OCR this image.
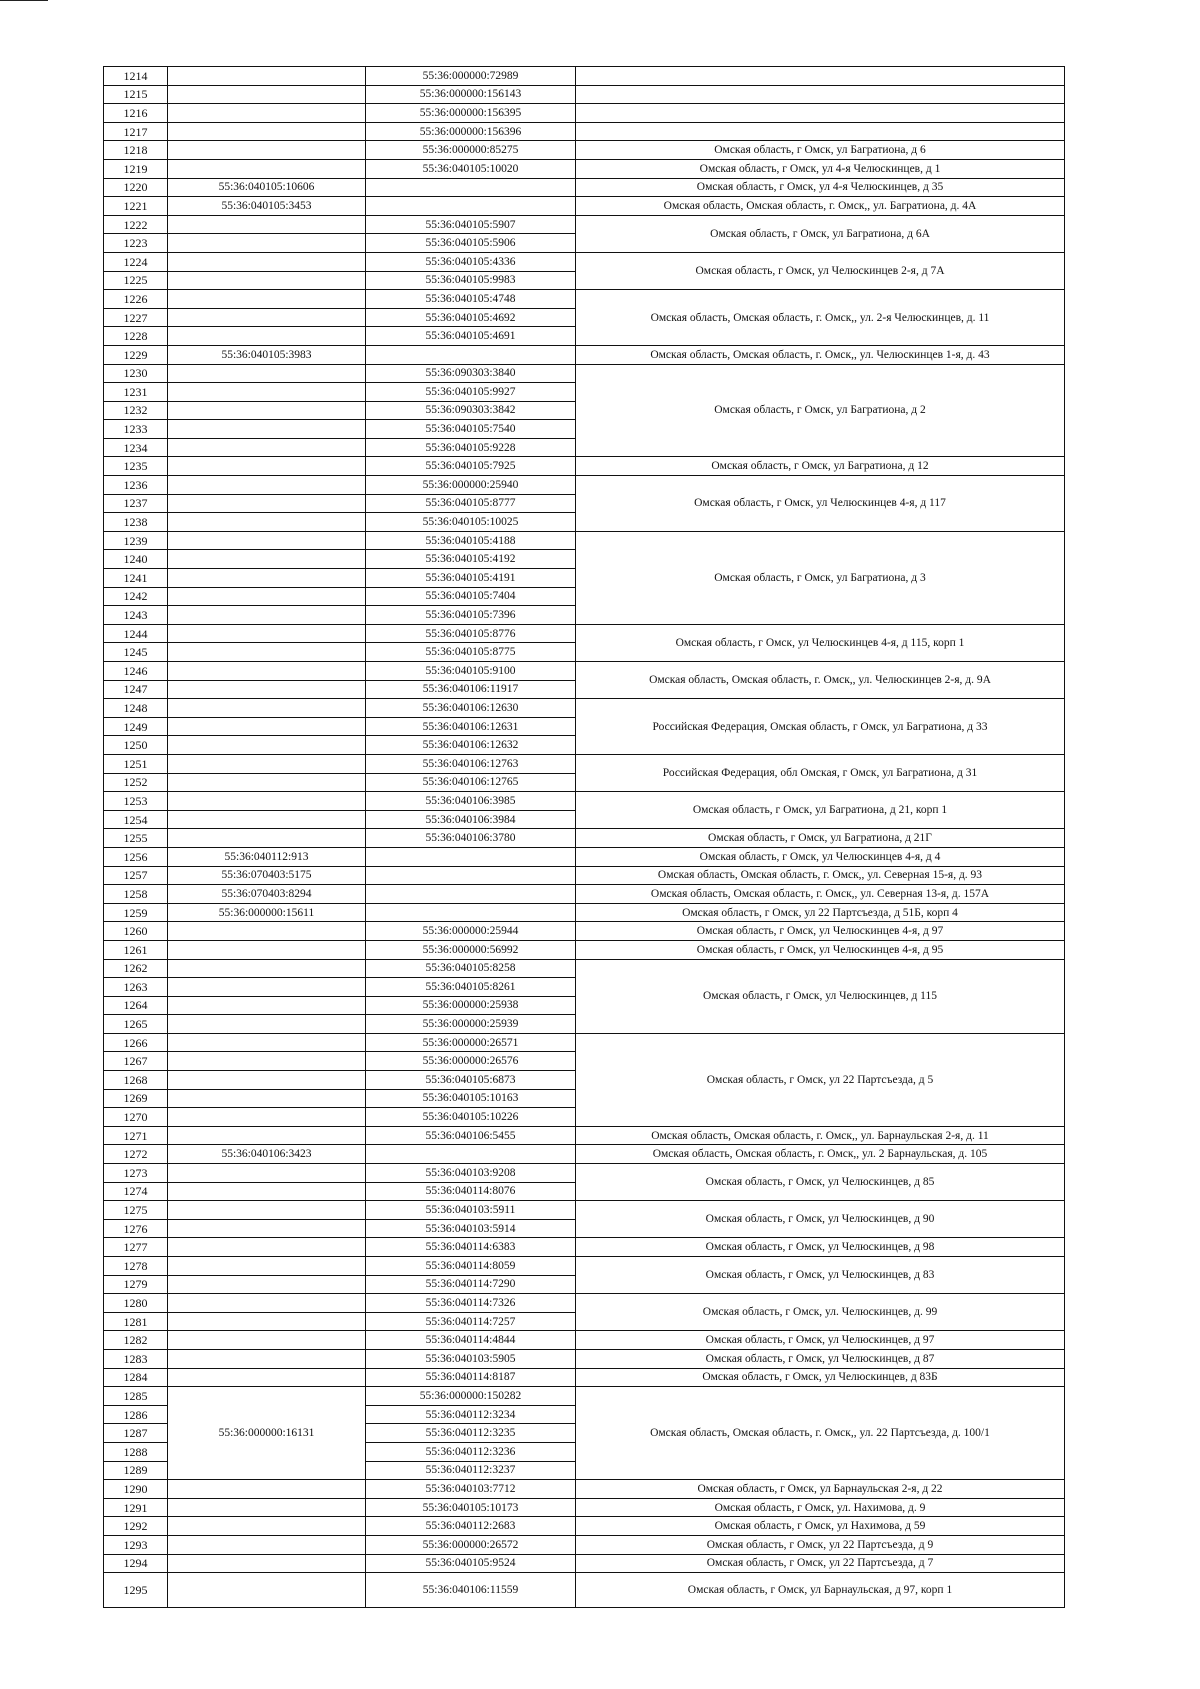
1214		55:36:000000:72989	
1215		55:36:000000:156143	
1216		55:36:000000:156395	
1217		55:36:000000:156396	
1218		55:36:000000:85275	Омская область, г Омск, ул Багратиона, д 6
1219		55:36:040105:10020	Омская область, г Омск, ул 4-я Челюскинцев, д 1
1220	55:36:040105:10606		Омская область, г Омск, ул 4-я Челюскинцев, д 35
1221	55:36:040105:3453		Омская область, Омская область, г. Омск,, ул. Багратиона, д. 4А
1222		55:36:040105:5907	Омская область, г Омск, ул Багратиона, д 6А
1223		55:36:040105:5906	
1224		55:36:040105:4336	Омская область, г Омск, ул Челюскинцев 2-я, д 7А
1225		55:36:040105:9983	
1226		55:36:040105:4748	Омская область, Омская область, г. Омск,, ул. 2-я Челюскинцев, д. 11
1227		55:36:040105:4692	
1228		55:36:040105:4691	
1229	55:36:040105:3983		Омская область, Омская область, г. Омск,, ул. Челюскинцев 1-я, д. 43
1230		55:36:090303:3840	Омская область, г Омск, ул Багратиона, д 2
1231		55:36:040105:9927	
1232		55:36:090303:3842	
1233		55:36:040105:7540	
1234		55:36:040105:9228	
1235		55:36:040105:7925	Омская область, г Омск, ул Багратиона, д 12
1236		55:36:000000:25940	Омская область, г Омск, ул Челюскинцев 4-я, д 117
1237		55:36:040105:8777	
1238		55:36:040105:10025	
1239		55:36:040105:4188	Омская область, г Омск, ул Багратиона, д 3
1240		55:36:040105:4192	
1241		55:36:040105:4191	
1242		55:36:040105:7404	
1243		55:36:040105:7396	
1244		55:36:040105:8776	Омская область, г Омск, ул Челюскинцев 4-я, д 115, корп 1
1245		55:36:040105:8775	
1246		55:36:040105:9100	Омская область, Омская область, г. Омск,, ул. Челюскинцев 2-я, д. 9А
1247		55:36:040106:11917	
1248		55:36:040106:12630	Российская Федерация, Омская область, г Омск, ул Багратиона, д 33
1249		55:36:040106:12631	
1250		55:36:040106:12632	
1251		55:36:040106:12763	Российская Федерация, обл Омская, г Омск, ул Багратиона, д 31
1252		55:36:040106:12765	
1253		55:36:040106:3985	Омская область, г Омск, ул Багратиона, д 21, корп 1
1254		55:36:040106:3984	
1255		55:36:040106:3780	Омская область, г Омск, ул Багратиона, д 21Г
1256	55:36:040112:913		Омская область, г Омск, ул Челюскинцев 4-я, д 4
1257	55:36:070403:5175		Омская область, Омская область, г. Омск,, ул. Северная 15-я, д. 93
1258	55:36:070403:8294		Омская область, Омская область, г. Омск,, ул. Северная 13-я, д. 157А
1259	55:36:000000:15611		Омская область, г Омск, ул 22 Партсъезда, д 51Б, корп 4
1260		55:36:000000:25944	Омская область, г Омск, ул Челюскинцев 4-я, д 97
1261		55:36:000000:56992	Омская область, г Омск, ул Челюскинцев 4-я, д 95
1262		55:36:040105:8258	Омская область, г Омск, ул Челюскинцев, д 115
1263		55:36:040105:8261	
1264		55:36:000000:25938	
1265		55:36:000000:25939	
1266		55:36:000000:26571	Омская область, г Омск, ул 22 Партсъезда, д 5
1267		55:36:000000:26576	
1268		55:36:040105:6873	
1269		55:36:040105:10163	
1270		55:36:040105:10226	
1271		55:36:040106:5455	Омская область, Омская область, г. Омск,, ул. Барнаульская 2-я, д. 11
1272	55:36:040106:3423		Омская область, Омская область, г. Омск,, ул. 2 Барнаульская, д. 105
1273		55:36:040103:9208	Омская область, г Омск, ул Челюскинцев, д 85
1274		55:36:040114:8076	
1275		55:36:040103:5911	Омская область, г Омск, ул Челюскинцев, д 90
1276		55:36:040103:5914	
1277		55:36:040114:6383	Омская область, г Омск, ул Челюскинцев, д 98
1278		55:36:040114:8059	Омская область, г Омск, ул Челюскинцев, д 83
1279		55:36:040114:7290	
1280		55:36:040114:7326	Омская область, г Омск, ул. Челюскинцев, д. 99
1281		55:36:040114:7257	
1282		55:36:040114:4844	Омская область, г Омск, ул Челюскинцев, д 97
1283		55:36:040103:5905	Омская область, г Омск, ул Челюскинцев, д 87
1284		55:36:040114:8187	Омская область, г Омск, ул Челюскинцев, д 83Б
1285	55:36:000000:16131	55:36:000000:150282	Омская область, Омская область, г. Омск,, ул. 22 Партсъезда, д. 100/1
1286		55:36:040112:3234	
1287		55:36:040112:3235	
1288		55:36:040112:3236	
1289		55:36:040112:3237	
1290		55:36:040103:7712	Омская область, г Омск, ул Барнаульская 2-я, д 22
1291		55:36:040105:10173	Омская область, г Омск, ул. Нахимова, д. 9
1292		55:36:040112:2683	Омская область, г Омск, ул Нахимова, д 59
1293		55:36:000000:26572	Омская область, г Омск, ул 22 Партсъезда, д 9
1294		55:36:040105:9524	Омская область, г Омск, ул 22 Партсъезда, д 7
1295		55:36:040106:11559	Омская область, г Омск, ул Барнаульская, д 97, корп 1
